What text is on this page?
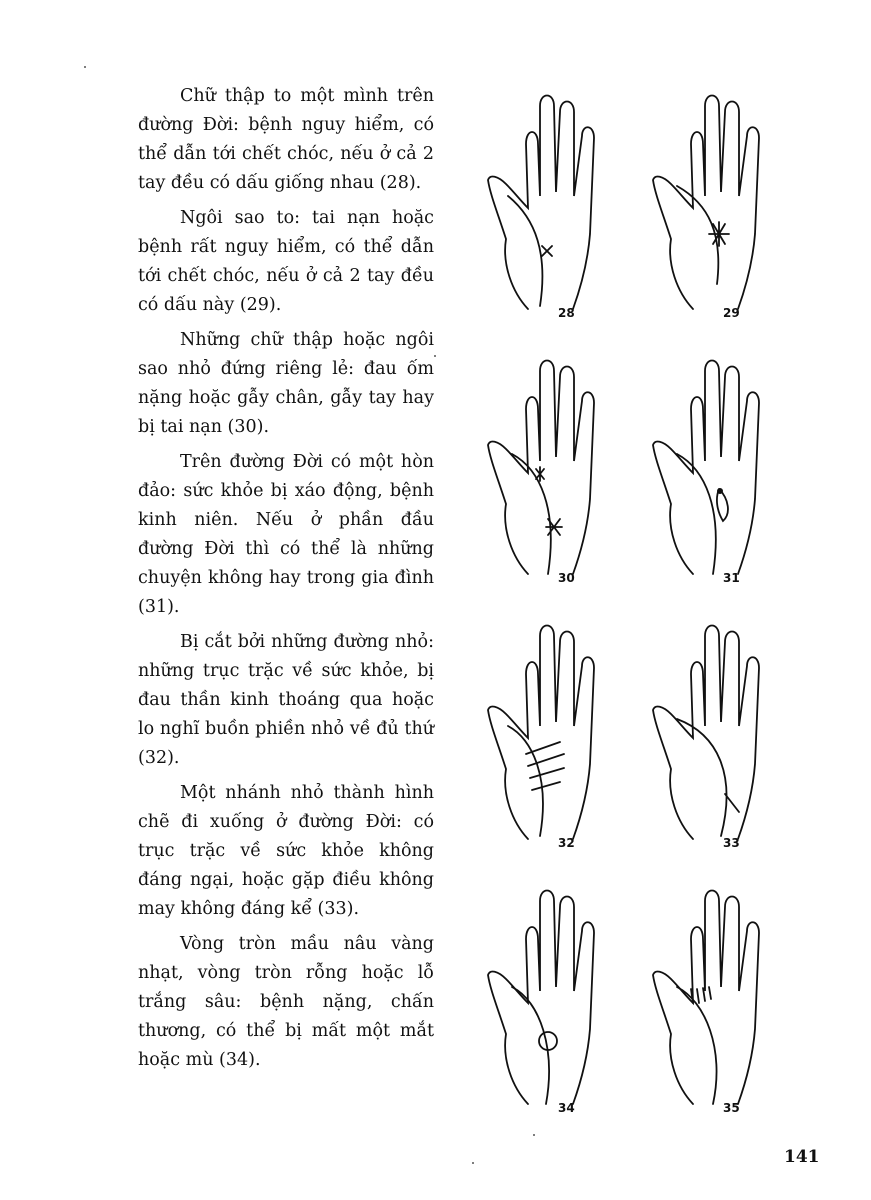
Chữ thập to một mình trên đường Đời: bệnh nguy hiểm, có thể dẫn tới chết chóc, nếu ở cả 2 tay đều có dấu giống nhau (28).

Ngôi sao to: tai nạn hoặc bệnh rất nguy hiểm, có thể dẫn tới chết chóc, nếu ở cả 2 tay đều có dấu này (29).

Những chữ thập hoặc ngôi sao nhỏ đứng riêng lẻ: đau ốm nặng hoặc gẫy chân, gẫy tay hay bị tai nạn (30).

Trên đường Đời có một hòn đảo: sức khỏe bị xáo động, bệnh kinh niên. Nếu ở phần đầu đường Đời thì có thể là những chuyện không hay trong gia đình (31).

Bị cắt bởi những đường nhỏ: những trục trặc về sức khỏe, bị đau thần kinh thoáng qua hoặc lo nghĩ buồn phiền nhỏ về đủ thứ (32).

Một nhánh nhỏ thành hình chẽ đi xuống ở đường Đời: có trục trặc về sức khỏe không đáng ngại, hoặc gặp điều không may không đáng kể (33).

Vòng tròn mầu nâu vàng nhạt, vòng tròn rỗng hoặc lỗ trắng sâu: bệnh nặng, chấn thương, có thể bị mất một mắt hoặc mù (34).

28	29
30	31
32	33
34	35
141
